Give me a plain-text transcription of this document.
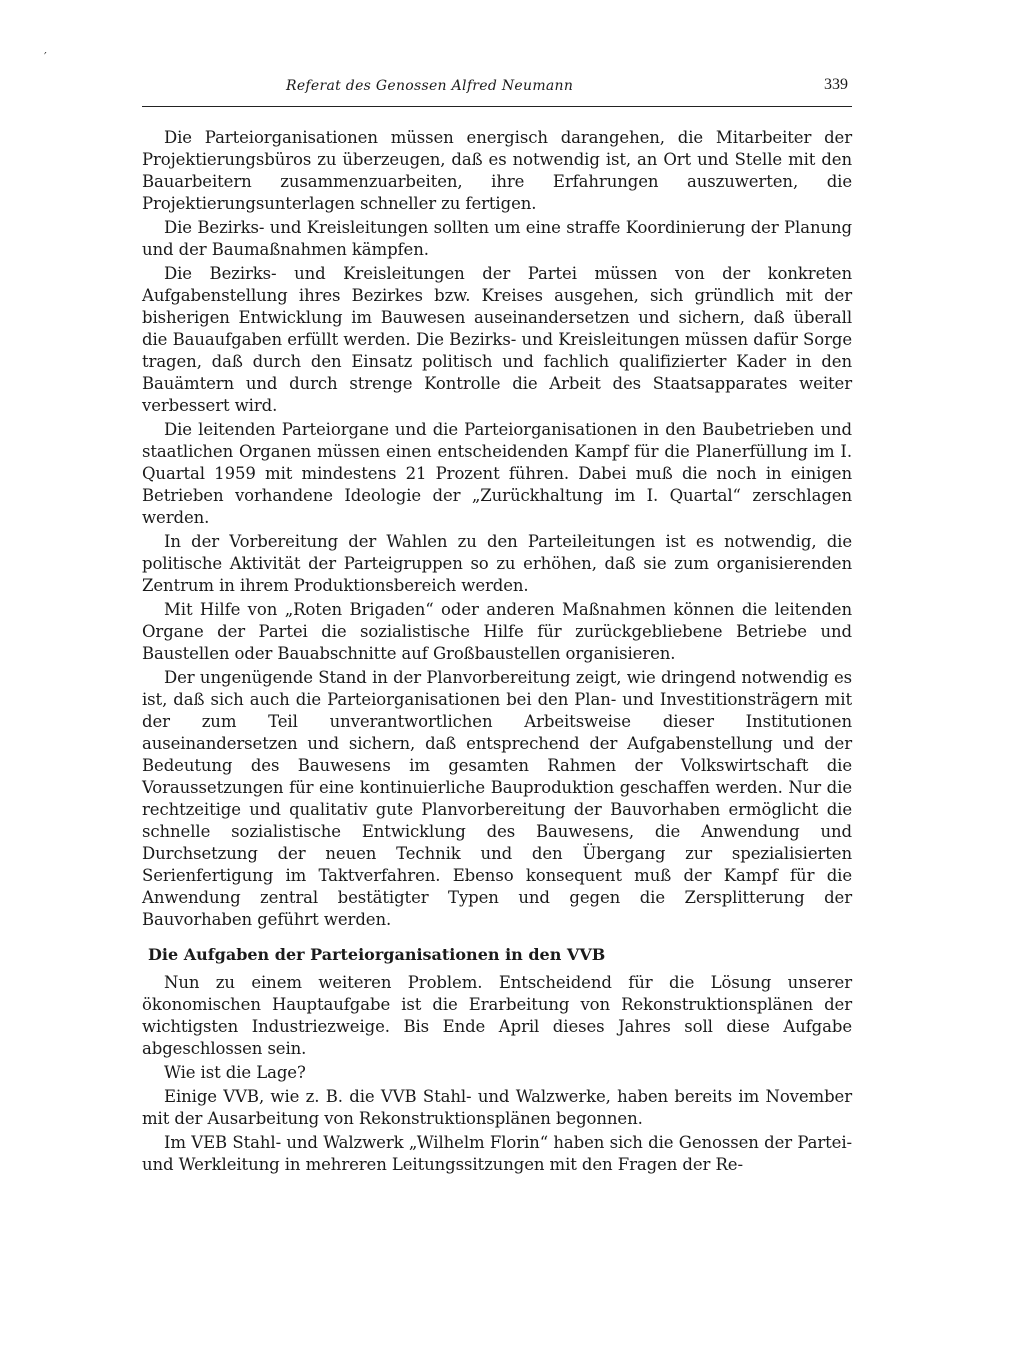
′
Referat des Genossen Alfred Neumann	339

Die Parteiorganisationen müssen energisch darangehen, die Mitarbeiter der Projektierungsbüros zu überzeugen, daß es notwendig ist, an Ort und Stelle mit den Bauarbeitern zusammenzuarbeiten, ihre Erfahrungen auszuwerten, die Projektierungsunterlagen schneller zu fertigen.

Die Bezirks- und Kreisleitungen sollten um eine straffe Koordinierung der Planung und der Baumaßnahmen kämpfen.

Die Bezirks- und Kreisleitungen der Partei müssen von der konkreten Aufgabenstellung ihres Bezirkes bzw. Kreises ausgehen, sich gründlich mit der bisherigen Entwicklung im Bauwesen auseinandersetzen und sichern, daß überall die Bauaufgaben erfüllt werden. Die Bezirks- und Kreisleitungen müssen dafür Sorge tragen, daß durch den Einsatz politisch und fachlich qualifizierter Kader in den Bauämtern und durch strenge Kontrolle die Arbeit des Staatsapparates weiter verbessert wird.

Die leitenden Parteiorgane und die Parteiorganisationen in den Baubetrieben und staatlichen Organen müssen einen entscheidenden Kampf für die Planerfüllung im I. Quartal 1959 mit mindestens 21 Prozent führen. Dabei muß die noch in einigen Betrieben vorhandene Ideologie der „Zurückhaltung im I. Quartal“ zerschlagen werden.

In der Vorbereitung der Wahlen zu den Parteileitungen ist es notwendig, die politische Aktivität der Parteigruppen so zu erhöhen, daß sie zum organisierenden Zentrum in ihrem Produktionsbereich werden.

Mit Hilfe von „Roten Brigaden“ oder anderen Maßnahmen können die leitenden Organe der Partei die sozialistische Hilfe für zurückgebliebene Betriebe und Baustellen oder Bauabschnitte auf Großbaustellen organisieren.

Der ungenügende Stand in der Planvorbereitung zeigt, wie dringend notwendig es ist, daß sich auch die Parteiorganisationen bei den Plan- und Investitionsträgern mit der zum Teil unverantwortlichen Arbeitsweise dieser Institutionen auseinandersetzen und sichern, daß entsprechend der Aufgabenstellung und der Bedeutung des Bauwesens im gesamten Rahmen der Volkswirtschaft die Voraussetzungen für eine kontinuierliche Bauproduktion geschaffen werden. Nur die rechtzeitige und qualitativ gute Planvorbereitung der Bauvorhaben ermöglicht die schnelle sozialistische Entwicklung des Bauwesens, die Anwendung und Durchsetzung der neuen Technik und den Übergang zur spezialisierten Serienfertigung im Taktverfahren. Ebenso konsequent muß der Kampf für die Anwendung zentral bestätigter Typen und gegen die Zersplitterung der Bauvorhaben geführt werden.

Die Aufgaben der Parteiorganisationen in den VVB

Nun zu einem weiteren Problem. Entscheidend für die Lösung unserer ökonomischen Hauptaufgabe ist die Erarbeitung von Rekonstruktionsplänen der wichtigsten Industriezweige. Bis Ende April dieses Jahres soll diese Aufgabe abgeschlossen sein.

Wie ist die Lage?

Einige VVB, wie z. B. die VVB Stahl- und Walzwerke, haben bereits im November mit der Ausarbeitung von Rekonstruktionsplänen begonnen.

Im VEB Stahl- und Walzwerk „Wilhelm Florin“ haben sich die Genossen der Partei- und Werkleitung in mehreren Leitungssitzungen mit den Fragen der Re-
